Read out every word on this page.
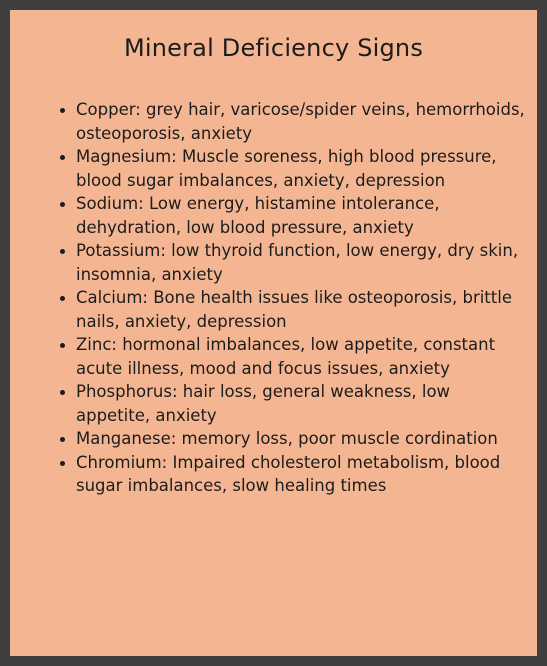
Mineral Deficiency Signs
• Copper: grey hair, varicose/spider veins, hemorrhoids, osteoporosis, anxiety
• Magnesium: Muscle soreness, high blood pressure, blood sugar imbalances, anxiety, depression
• Sodium: Low energy, histamine intolerance, dehydration, low blood pressure, anxiety
• Potassium: low thyroid function, low energy, dry skin, insomnia, anxiety
• Calcium: Bone health issues like osteoporosis, brittle nails, anxiety, depression
• Zinc: hormonal imbalances, low appetite, constant acute illness, mood and focus issues, anxiety
• Phosphorus: hair loss, general weakness, low appetite, anxiety
• Manganese: memory loss, poor muscle cordination
• Chromium: Impaired cholesterol metabolism, blood sugar imbalances, slow healing times
